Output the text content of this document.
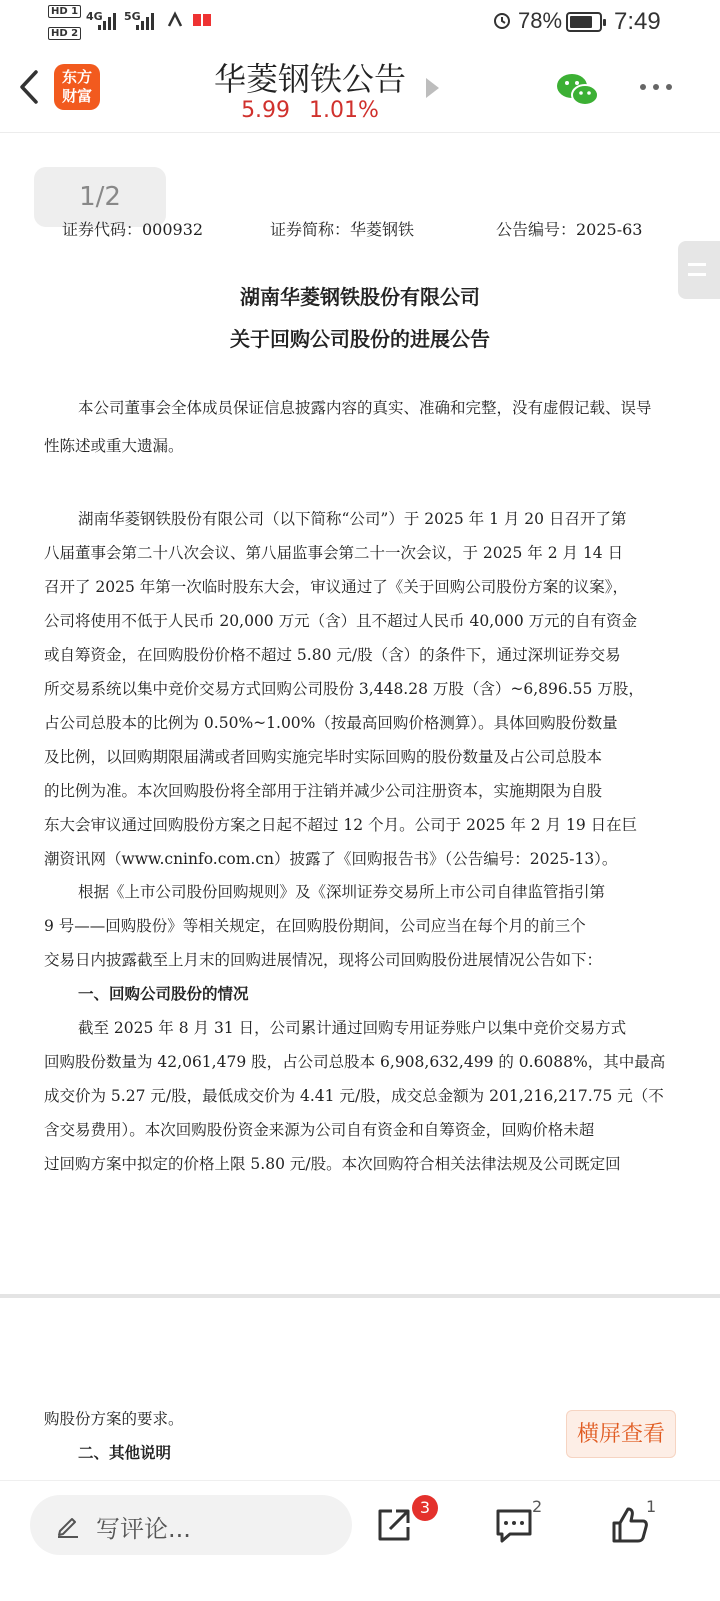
HD 1
HD 2
4G 5G	78% 7:49
东方
财富	华菱钢铁公告
5.99 1.01%
1/2
证券代码：000932	证券简称：华菱钢铁	公告编号：2025-63
湖南华菱钢铁股份有限公司
关于回购公司股份的进展公告
本公司董事会全体成员保证信息披露内容的真实、准确和完整，没有虚假记载、误导
性陈述或重大遗漏。
湖南华菱钢铁股份有限公司（以下简称“公司”）于 2025 年 1 月 20 日召开了第
八届董事会第二十八次会议、第八届监事会第二十一次会议，于 2025 年 2 月 14 日
召开了 2025 年第一次临时股东大会，审议通过了《关于回购公司股份方案的议案》，
公司将使用不低于人民币 20,000 万元（含）且不超过人民币 40,000 万元的自有资金
或自筹资金，在回购股份价格不超过 5.80 元/股（含）的条件下，通过深圳证券交易
所交易系统以集中竞价交易方式回购公司股份 3,448.28 万股（含）~6,896.55 万股，
占公司总股本的比例为 0.50%~1.00%（按最高回购价格测算）。具体回购股份数量
及比例，以回购期限届满或者回购实施完毕时实际回购的股份数量及占公司总股本
的比例为准。本次回购股份将全部用于注销并减少公司注册资本，实施期限为自股
东大会审议通过回购股份方案之日起不超过 12 个月。公司于 2025 年 2 月 19 日在巨
潮资讯网（www.cninfo.com.cn）披露了《回购报告书》（公告编号：2025-13）。
根据《上市公司股份回购规则》及《深圳证券交易所上市公司自律监管指引第
9 号——回购股份》等相关规定，在回购股份期间，公司应当在每个月的前三个
交易日内披露截至上月末的回购进展情况，现将公司回购股份进展情况公告如下：
一、回购公司股份的情况
截至 2025 年 8 月 31 日，公司累计通过回购专用证券账户以集中竞价交易方式
回购股份数量为 42,061,479 股，占公司总股本 6,908,632,499 的 0.6088%，其中最高
成交价为 5.27 元/股，最低成交价为 4.41 元/股，成交总金额为 201,216,217.75 元（不
含交易费用）。本次回购股份资金来源为公司自有资金和自筹资金，回购价格未超
过回购方案中拟定的价格上限 5.80 元/股。本次回购符合相关法律法规及公司既定回
购股份方案的要求。
二、其他说明
横屏查看
写评论...
3	2	1
